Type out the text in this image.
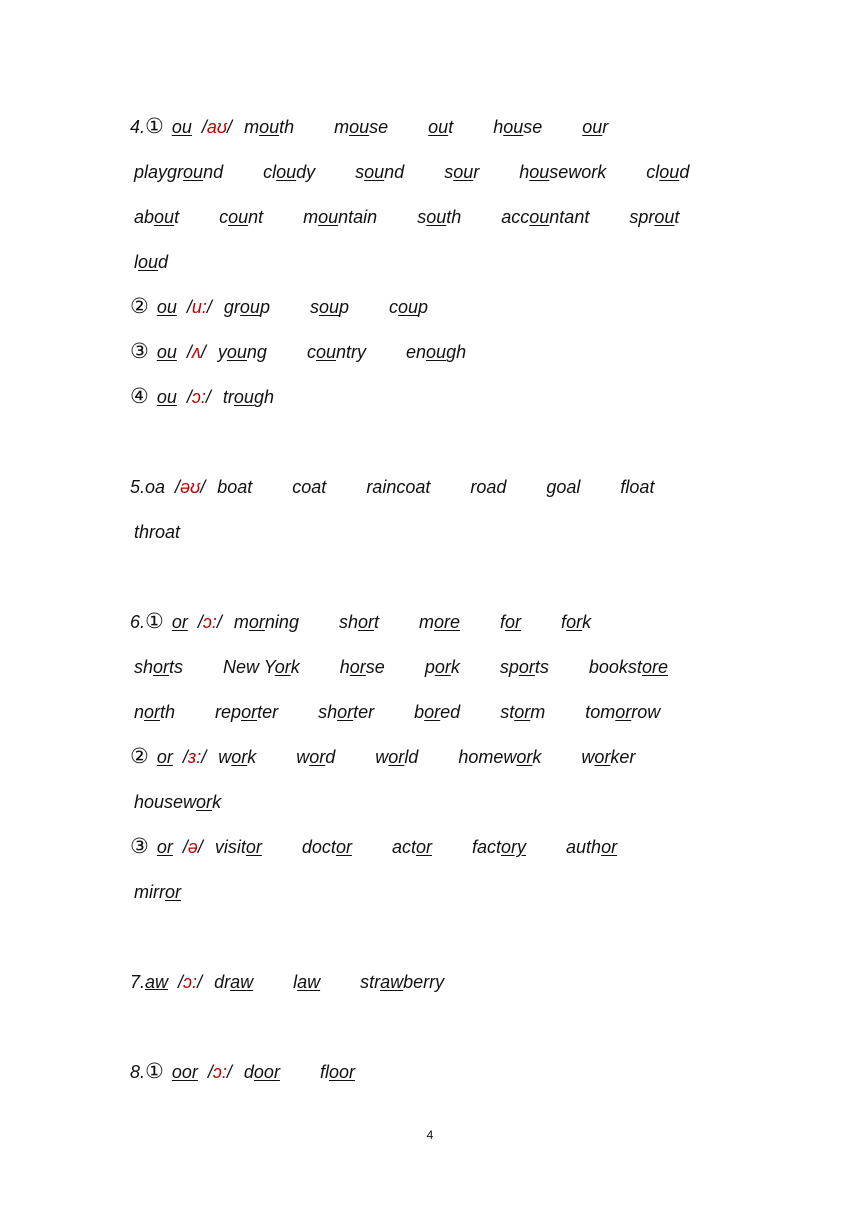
4.① ou /aʊ/ mouth mouse out house our
playground cloudy sound sour housework cloud
about count mountain south accountant sprout
loud
② ou /u:/ group soup coup
③ ou /ʌ/ young country enough
④ ou /ɔ:/ trough
5.oa /əʊ/ boat coat raincoat road goal float
throat
6.① or /ɔ:/ morning short more for fork
shorts New York horse pork sports bookstore
north reporter shorter bored storm tomorrow
② or /ɜ:/ work word world homework worker
housework
③ or /ə/ visitor doctor actor factory author
mirror
7.aw /ɔ:/ draw law strawberry
8.① oor /ɔ:/ door floor
4
